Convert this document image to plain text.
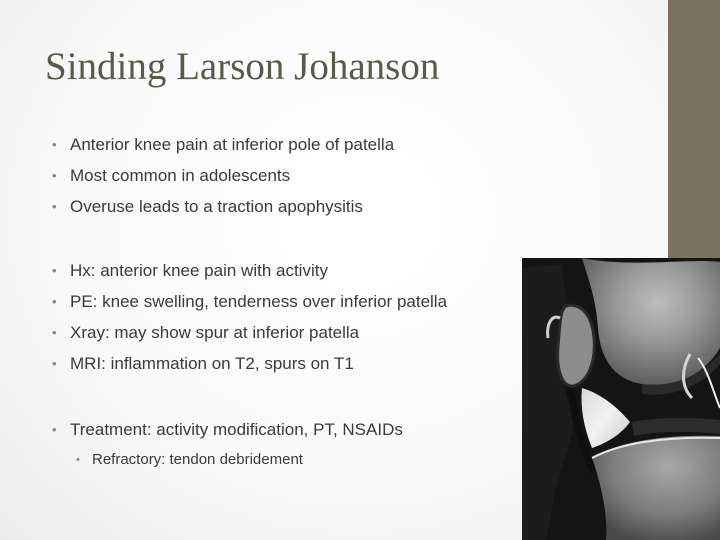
Sinding Larson Johanson
• Anterior knee pain at inferior pole of patella
• Most common in adolescents
• Overuse leads to a traction apophysitis
• Hx: anterior knee pain with activity
• PE: knee swelling, tenderness over inferior patella
• Xray: may show spur at inferior patella
• MRI: inflammation on T2, spurs on T1
• Treatment: activity modification, PT, NSAIDs
• Refractory: tendon debridement
